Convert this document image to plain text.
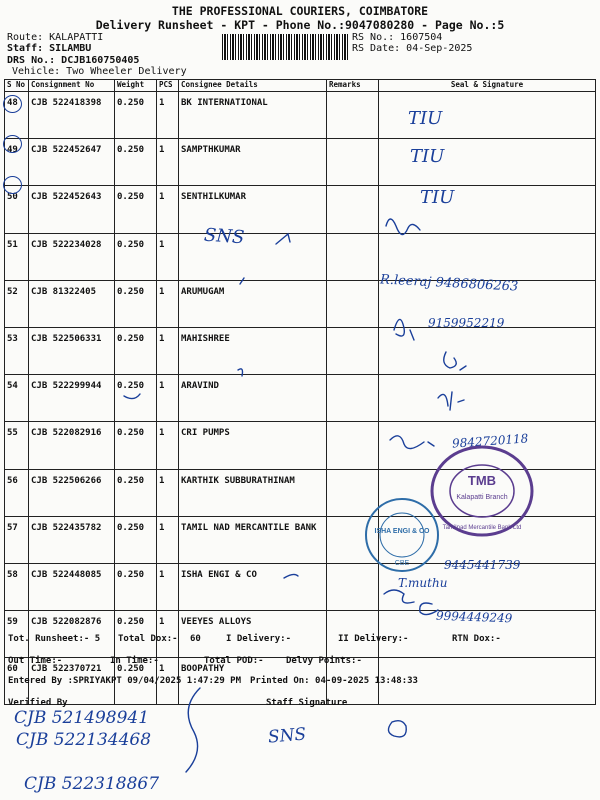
THE PROFESSIONAL COURIERS, COIMBATORE
Delivery Runsheet - KPT - Phone No.:9047080280 - Page No.:5
Route: KALAPATTI
Staff: SILAMBU
DRS No.: DCJB160750405
Vehicle: Two Wheeler Delivery
RS No.: 1607504
RS Date: 04-Sep-2025
S No	Consignment No	Weight	PCS	Consignee Details	Remarks	Seal & Signature
48	CJB 522418398	0.250	1	BK INTERNATIONAL		
49	CJB 522452647	0.250	1	SAMPTHKUMAR		
50	CJB 522452643	0.250	1	SENTHILKUMAR		
51	CJB 522234028	0.250	1			
52	CJB 81322405	0.250	1	ARUMUGAM		
53	CJB 522506331	0.250	1	MAHISHREE		
54	CJB 522299944	0.250	1	ARAVIND		
55	CJB 522082916	0.250	1	CRI PUMPS		
56	CJB 522506266	0.250	1	KARTHIK SUBBURATHINAM		
57	CJB 522435782	0.250	1	TAMIL NAD MERCANTILE BANK		
58	CJB 522448085	0.250	1	ISHA ENGI & CO		
59	CJB 522082876	0.250	1	VEEYES ALLOYS		
60	CJB 522370721	0.250	1	BOOPATHY		
TIU
TIU
TIU
SNS
R.leeraj 9486806263
9159952219
9842720118
9445441739
T.muthu
9994449249
TMB
Kalapatti Branch
Tamilnad Mercantile Bank Ltd
ISHA ENGI & CO
CBE
Tot. Runsheet:- 5 Total Dox:- 60	I Delivery:-	II Delivery:-	RTN Dox:-
Out Time:-	In Time:-	Total POD:- Delvy Points:-
Entered By :SPRIYAKPT 09/04/2025 1:47:29 PM Printed On: 04-09-2025 13:48:33
Verified By	Staff Signature
CJB 521498941
CJB 522134468
CJB 522318867
SNS
